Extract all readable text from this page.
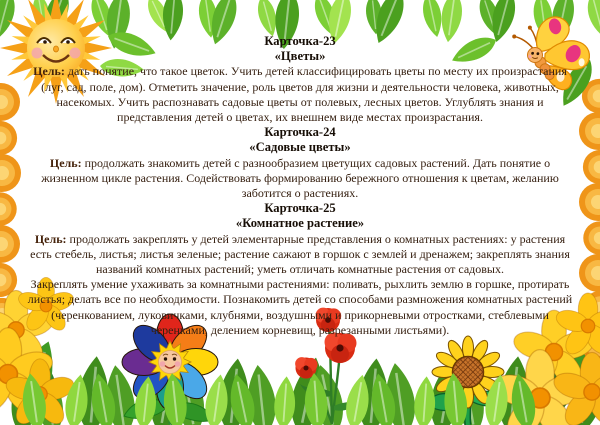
Карточка-23
«Цветы»

Цель: дать понятие, что такое цветок. Учить детей классифицировать цветы по месту их произрастания (луг, сад, поле, дом). Отметить значение, роль цветов для жизни и деятельности человека, животных, насекомых. Учить распознавать садовые цветы от полевых, лесных цветов. Углублять знания и представления детей о цветах, их внешнем виде местах произрастания.

Карточка-24
«Садовые цветы»

Цель: продолжать знакомить детей с разнообразием цветущих садовых растений. Дать понятие о жизненном цикле растения. Содействовать формированию бережного отношения к цветам, желанию заботится о растениях.

Карточка-25
«Комнатное растение»

Цель: продолжать закреплять у детей элементарные представления о комнатных растениях: у растения есть стебель, листья; листья зеленые; растение сажают в горшок с землей и дренажем; закреплять знания названий комнатных растений; уметь отличать комнатные растения от садовых.

Закреплять умение ухаживать за комнатными растениями: поливать, рыхлить землю в горшке, протирать листья; делать все по необходимости. Познакомить детей со способами размножения комнатных растений (черенкованием, луковичками, клубнями, воздушными и прикорневыми отростками, стеблевыми черенками, делением корневищ, разрезанными листьями).
